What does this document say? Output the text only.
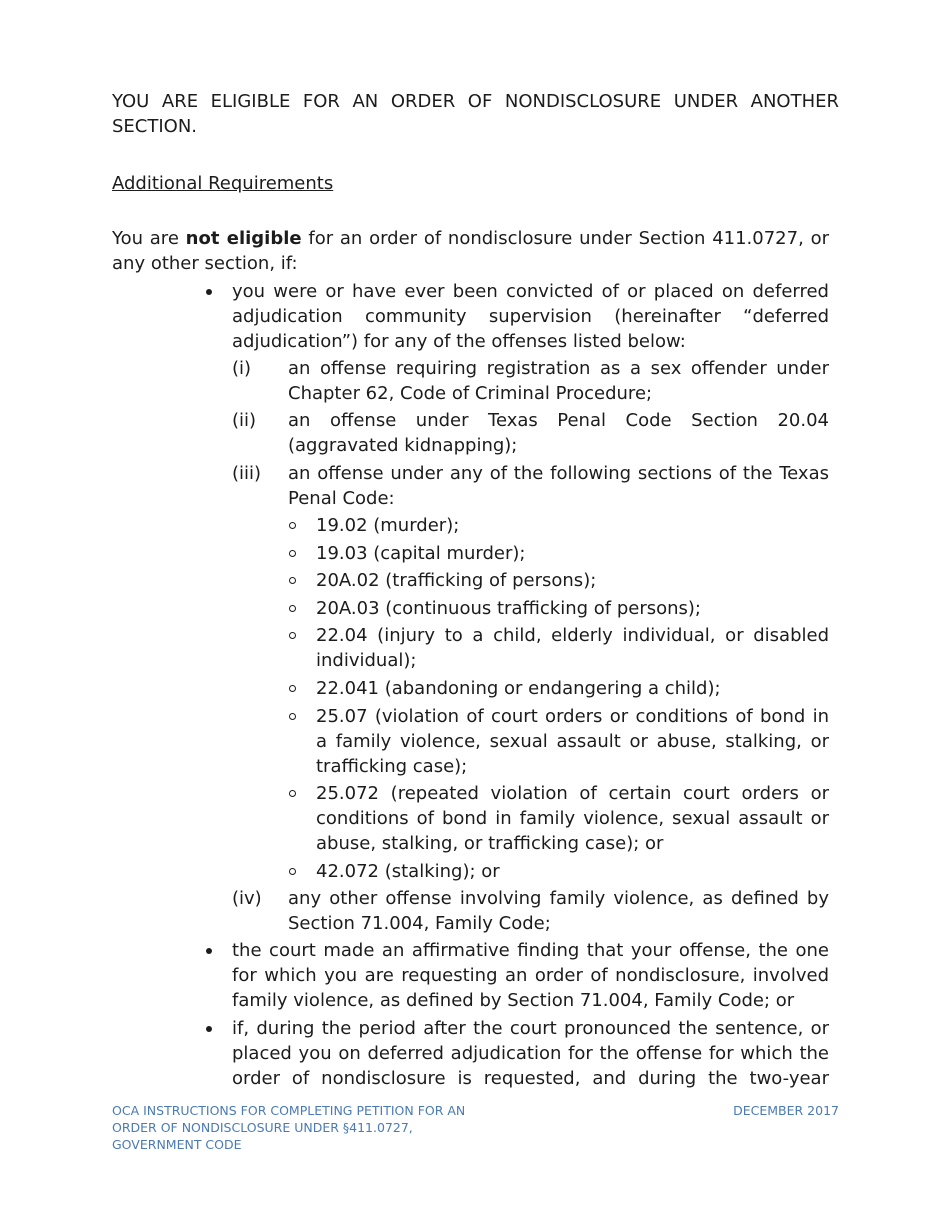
YOU ARE ELIGIBLE FOR AN ORDER OF NONDISCLOSURE UNDER ANOTHER SECTION.
Additional Requirements
You are not eligible for an order of nondisclosure under Section 411.0727, or any other section, if:
you were or have ever been convicted of or placed on deferred adjudication community supervision (hereinafter “deferred adjudication”) for any of the offenses listed below:
(i) an offense requiring registration as a sex offender under Chapter 62, Code of Criminal Procedure;
(ii) an offense under Texas Penal Code Section 20.04 (aggravated kidnapping);
(iii) an offense under any of the following sections of the Texas Penal Code:
19.02 (murder);
19.03 (capital murder);
20A.02 (trafficking of persons);
20A.03 (continuous trafficking of persons);
22.04 (injury to a child, elderly individual, or disabled individual);
22.041 (abandoning or endangering a child);
25.07 (violation of court orders or conditions of bond in a family violence, sexual assault or abuse, stalking, or trafficking case);
25.072 (repeated violation of certain court orders or conditions of bond in family violence, sexual assault or abuse, stalking, or trafficking case); or
42.072 (stalking); or
(iv) any other offense involving family violence, as defined by Section 71.004, Family Code;
the court made an affirmative finding that your offense, the one for which you are requesting an order of nondisclosure, involved family violence, as defined by Section 71.004, Family Code; or
if, during the period after the court pronounced the sentence, or placed you on deferred adjudication for the offense for which the order of nondisclosure is requested, and during the two-year
OCA INSTRUCTIONS FOR COMPLETING PETITION FOR AN
ORDER OF NONDISCLOSURE UNDER §411.0727,
GOVERNMENT CODE
DECEMBER 2017
